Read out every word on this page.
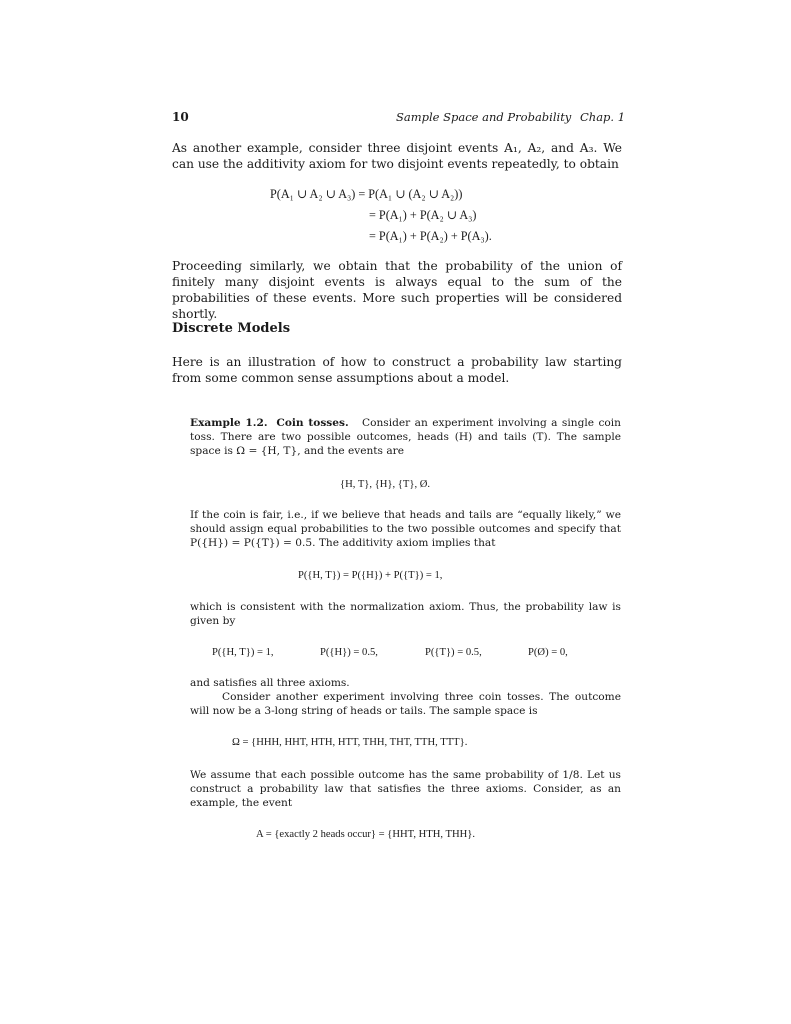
10	Sample Space and Probability Chap. 1

As another example, consider three disjoint events A₁, A₂, and A₃. We can use the additivity axiom for two disjoint events repeatedly, to obtain

P(A₁ ∪ A₂ ∪ A₃) = P(A₁ ∪ (A₂ ∪ A₂))
= P(A₁) + P(A₂ ∪ A₃)
= P(A₁) + P(A₂) + P(A₃).

Proceeding similarly, we obtain that the probability of the union of finitely many disjoint events is always equal to the sum of the probabilities of these events. More such properties will be considered shortly.

Discrete Models

Here is an illustration of how to construct a probability law starting from some common sense assumptions about a model.

Example 1.2. Coin tosses. Consider an experiment involving a single coin toss. There are two possible outcomes, heads (H) and tails (T). The sample space is Ω = {H, T}, and the events are

{H, T}, {H}, {T}, Ø.

If the coin is fair, i.e., if we believe that heads and tails are “equally likely,” we should assign equal probabilities to the two possible outcomes and specify that P({H}) = P({T}) = 0.5. The additivity axiom implies that

P({H, T}) = P({H}) + P({T}) = 1,

which is consistent with the normalization axiom. Thus, the probability law is given by

P({H, T}) = 1,	P({H}) = 0.5,	P({T}) = 0.5,	P(Ø) = 0,

and satisfies all three axioms.

Consider another experiment involving three coin tosses. The outcome will now be a 3-long string of heads or tails. The sample space is

Ω = {HHH, HHT, HTH, HTT, THH, THT, TTH, TTT}.

We assume that each possible outcome has the same probability of 1/8. Let us construct a probability law that satisfies the three axioms. Consider, as an example, the event

A = {exactly 2 heads occur} = {HHT, HTH, THH}.
